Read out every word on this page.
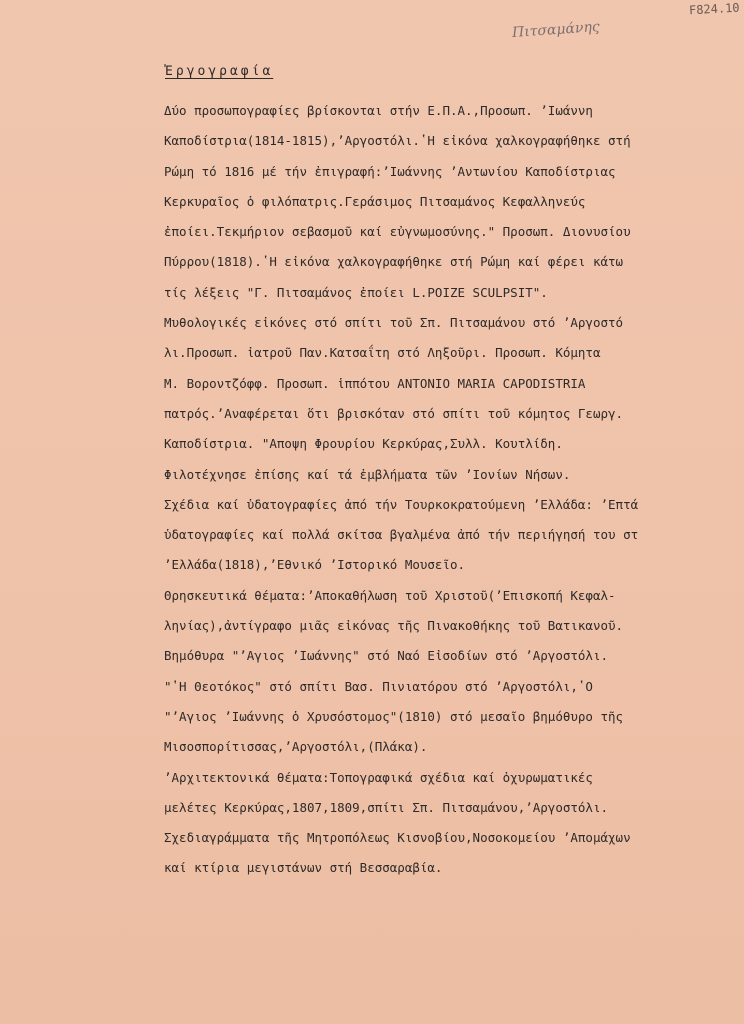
F824.10
Πιτσαμάνης
Ἐργογραφία
Δύο προσωπογραφίες βρίσκονται στήν Ε.Π.Α.,Προσωπ. ʼΙωάννη
Καποδίστρια(1814-1815),ʼΑργοστόλι.ʽΗ εἰκόνα χαλκογραφήθηκε στή
Ρώμη τό 1816 μέ τήν ἐπιγραφή:ʼΙωάννης ʼΑντωνίου Καποδίστριας
Κερκυραῖος ὁ φιλόπατρις.Γεράσιμος Πιτσαμάνος Κεφαλληνεύς
ἐποίει.Τεκμήριον σεβασμοῦ καί εὐγνωμοσύνης." Προσωπ. Διονυσίου
Πύρρου(1818).ʽΗ εἰκόνα χαλκογραφήθηκε στή Ρώμη καί φέρει κάτω
τίς λέξεις "Γ. Πιτσαμάνος ἐποίει L.POIZE SCULPSIT".
Μυθολογικές εἰκόνες στό σπίτι τοῦ Σπ. Πιτσαμάνου στό ʼΑργοστό
λι.Προσωπ. ἰατροῦ Παν.Κατσαΐτη στό Ληξοῦρι. Προσωπ. Κόμητα
Μ. Βοροντζόφφ. Προσωπ. ἱππότου ANTONIO MARIA CAPODISTRIA
πατρός.ʼΑναφέρεται ὅτι βρισκόταν στό σπίτι τοῦ κόμητος Γεωργ.
Καποδίστρια. "Αποψη Φρουρίου Κερκύρας,Συλλ. Κουτλίδη.
Φιλοτέχνησε ἐπίσης καί τά ἐμβλήματα τῶν ʼΙονίων Νήσων.
Σχέδια καί ὑδατογραφίες ἀπό τήν Τουρκοκρατούμενη ʼΕλλάδα: ʼΕπτά
ὑδατογραφίες καί πολλά σκίτσα βγαλμένα ἀπό τήν περιήγησή του στ
ʼΕλλάδα(1818),ʼΕθνικό ʼΙστορικό Μουσεῖο.
Θρησκευτικά θέματα:ʼΑποκαθήλωση τοῦ Χριστοῦ(ʼΕπισκοπή Κεφαλ-
ληνίας),ἀντίγραφο μιᾶς εἰκόνας τῆς Πινακοθήκης τοῦ Βατικανοῦ.
Βημόθυρα "ʼΑγιος ʼΙωάννης" στό Ναό Εἰσοδίων στό ʼΑργοστόλι.
"ʽΗ Θεοτόκος" στό σπίτι Βασ. Πινιατόρου στό ʼΑργοστόλι,ʽΟ
"ʼΑγιος ʼΙωάννης ὁ Χρυσόστομος"(1810) στό μεσαῖο βημόθυρο τῆς
Μισοσπορίτισσας,ʼΑργοστόλι,(Πλάκα).
ʼΑρχιτεκτονικά θέματα:Τοπογραφικά σχέδια καί ὀχυρωματικές
μελέτες Κερκύρας,1807,1809,σπίτι Σπ. Πιτσαμάνου,ʼΑργοστόλι.
Σχεδιαγράμματα τῆς Μητροπόλεως Κισνοβίου,Νοσοκομείου ʼΑπομάχων
καί κτίρια μεγιστάνων στή Βεσσαραβία.
